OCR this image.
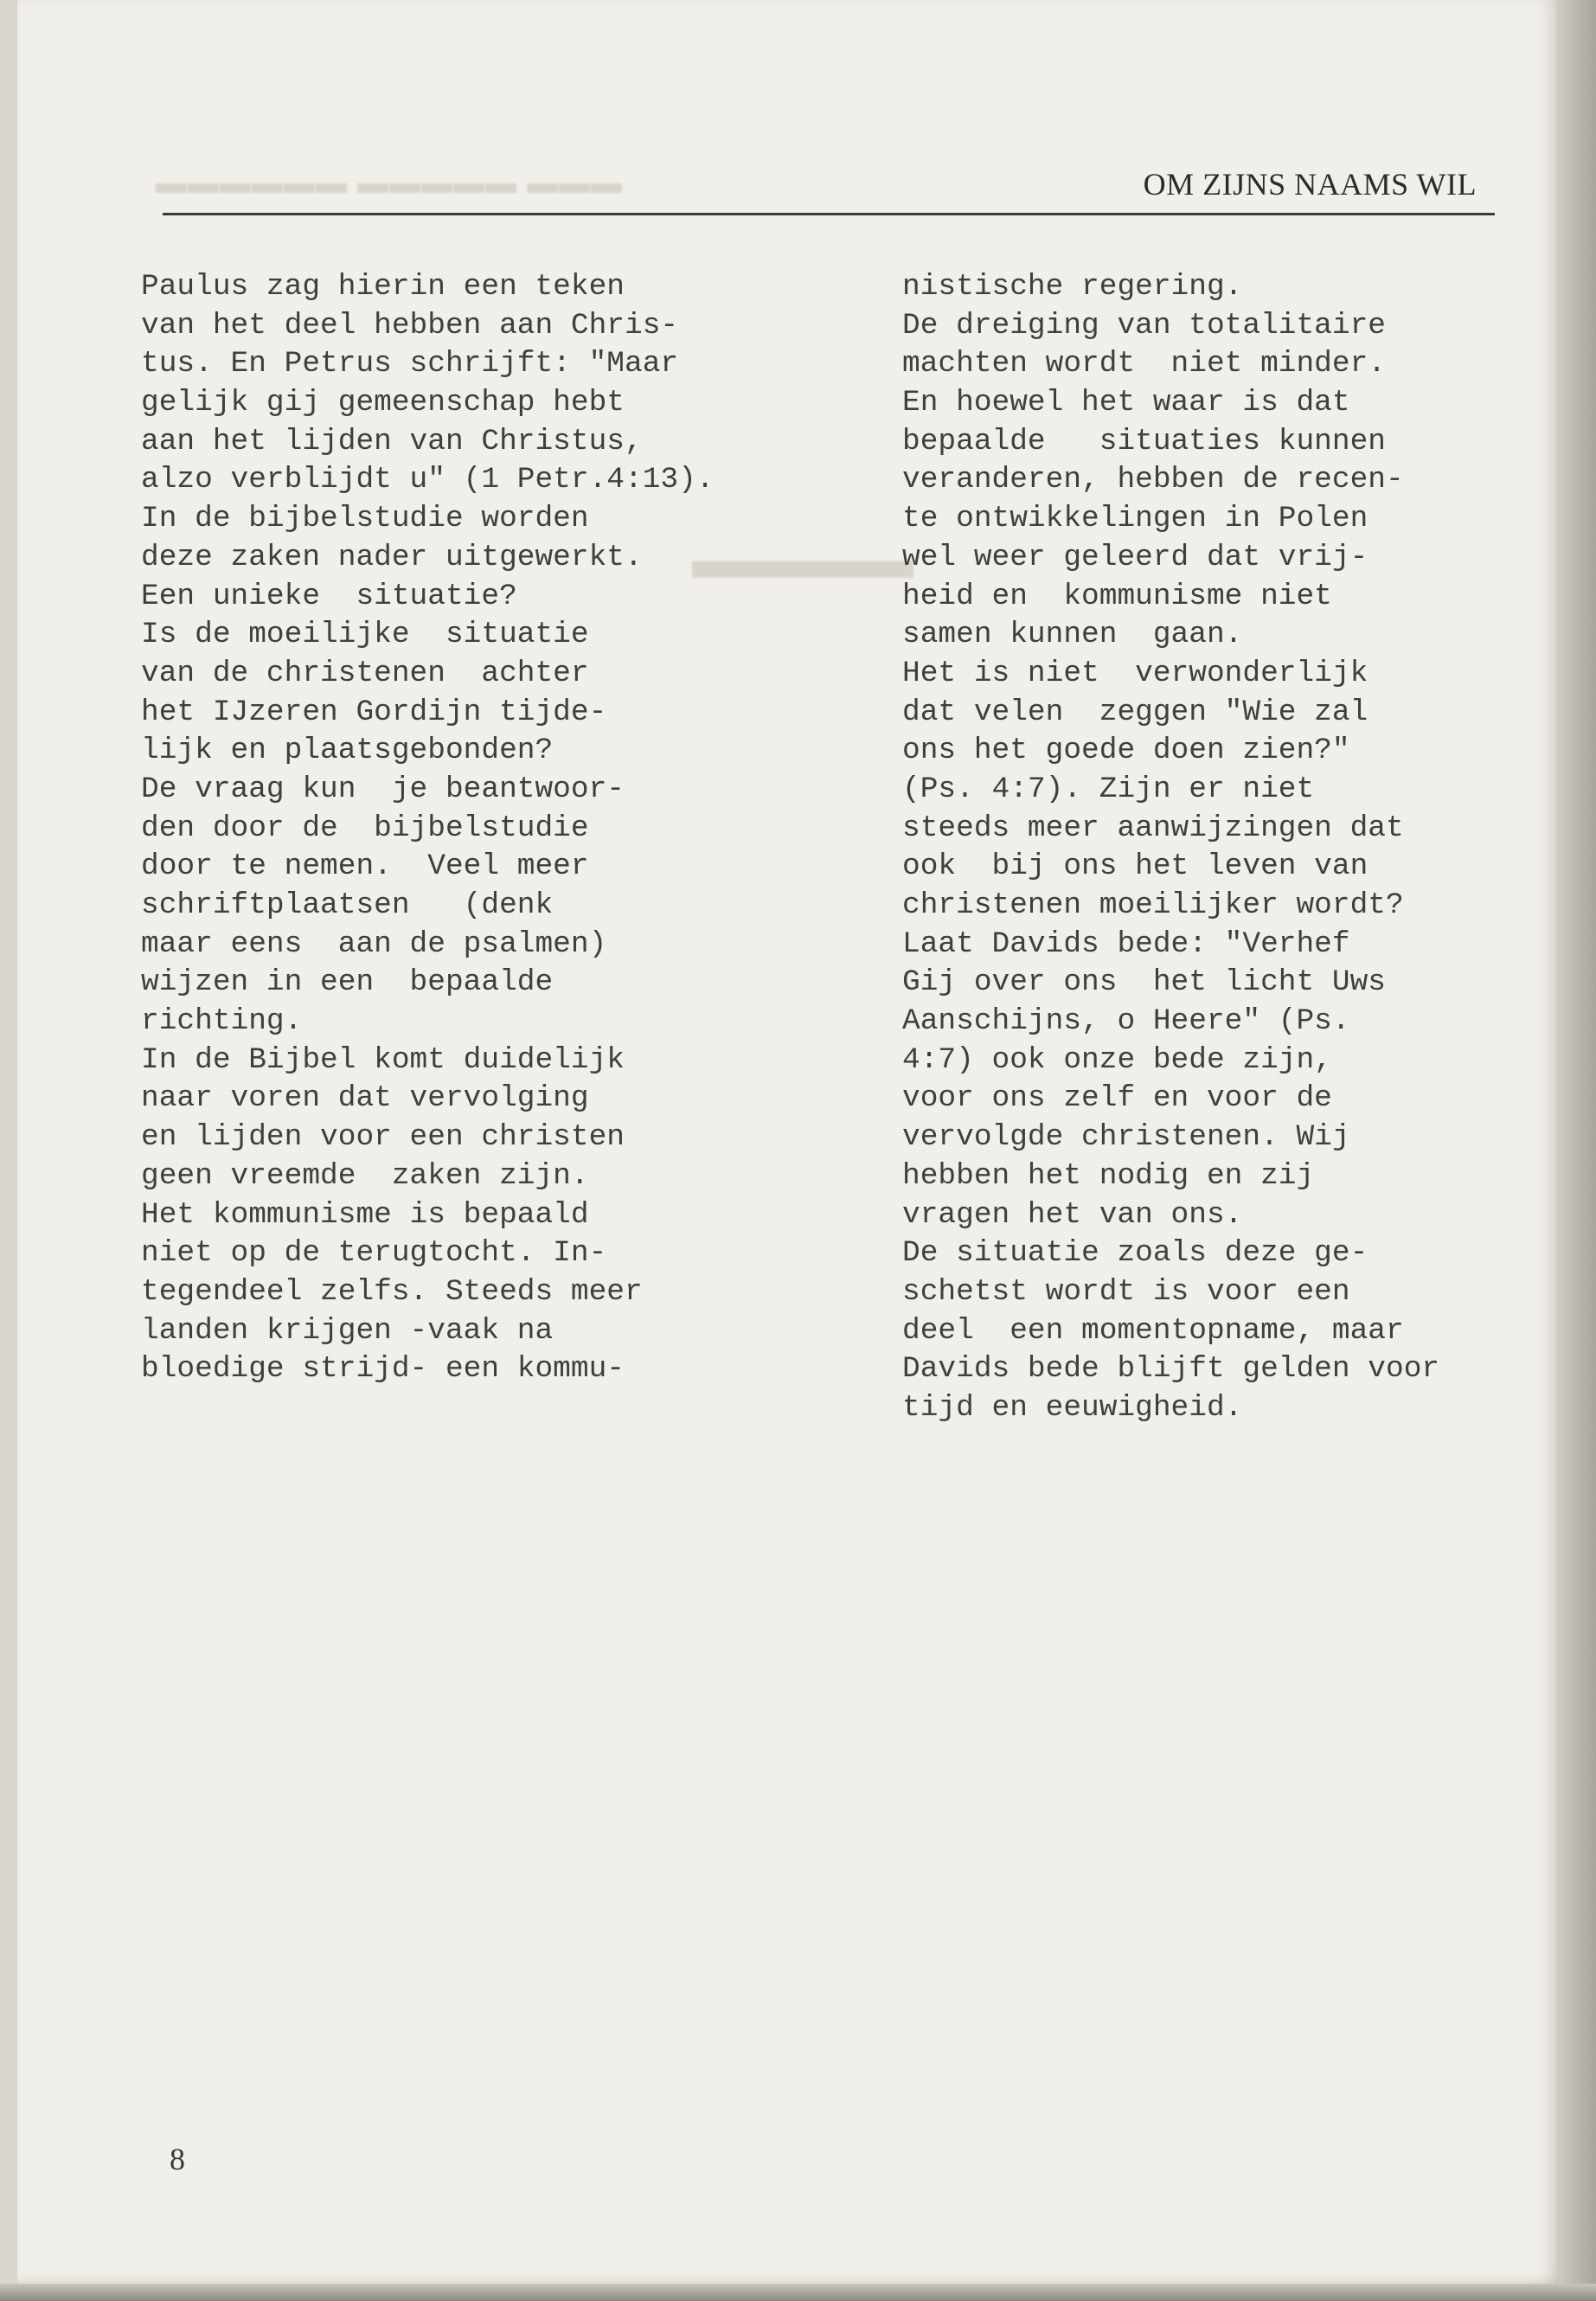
▬▬▬▬▬▬ ▬▬▬▬▬ ▬▬▬
▬▬▬▬
OM ZIJNS NAAMS WIL
Paulus zag hierin een teken
van het deel hebben aan Chris-
tus. En Petrus schrijft: "Maar
gelijk gij gemeenschap hebt
aan het lijden van Christus,
alzo verblijdt u" (1 Petr.4:13).
In de bijbelstudie worden
deze zaken nader uitgewerkt.
Een unieke  situatie?
Is de moeilijke  situatie
van de christenen  achter
het IJzeren Gordijn tijde-
lijk en plaatsgebonden?
De vraag kun  je beantwoor-
den door de  bijbelstudie
door te nemen.  Veel meer
schriftplaatsen   (denk
maar eens  aan de psalmen)
wijzen in een  bepaalde
richting.
In de Bijbel komt duidelijk
naar voren dat vervolging
en lijden voor een christen
geen vreemde  zaken zijn.
Het kommunisme is bepaald
niet op de terugtocht. In-
tegendeel zelfs. Steeds meer
landen krijgen -vaak na
bloedige strijd- een kommu-
nistische regering.
De dreiging van totalitaire
machten wordt  niet minder.
En hoewel het waar is dat
bepaalde   situaties kunnen
veranderen, hebben de recen-
te ontwikkelingen in Polen
wel weer geleerd dat vrij-
heid en  kommunisme niet
samen kunnen  gaan.
Het is niet  verwonderlijk
dat velen  zeggen "Wie zal
ons het goede doen zien?"
(Ps. 4:7). Zijn er niet
steeds meer aanwijzingen dat
ook  bij ons het leven van
christenen moeilijker wordt?
Laat Davids bede: "Verhef
Gij over ons  het licht Uws
Aanschijns, o Heere" (Ps.
4:7) ook onze bede zijn,
voor ons zelf en voor de
vervolgde christenen. Wij
hebben het nodig en zij
vragen het van ons.
De situatie zoals deze ge-
schetst wordt is voor een
deel  een momentopname, maar
Davids bede blijft gelden voor
tijd en eeuwigheid.
8
